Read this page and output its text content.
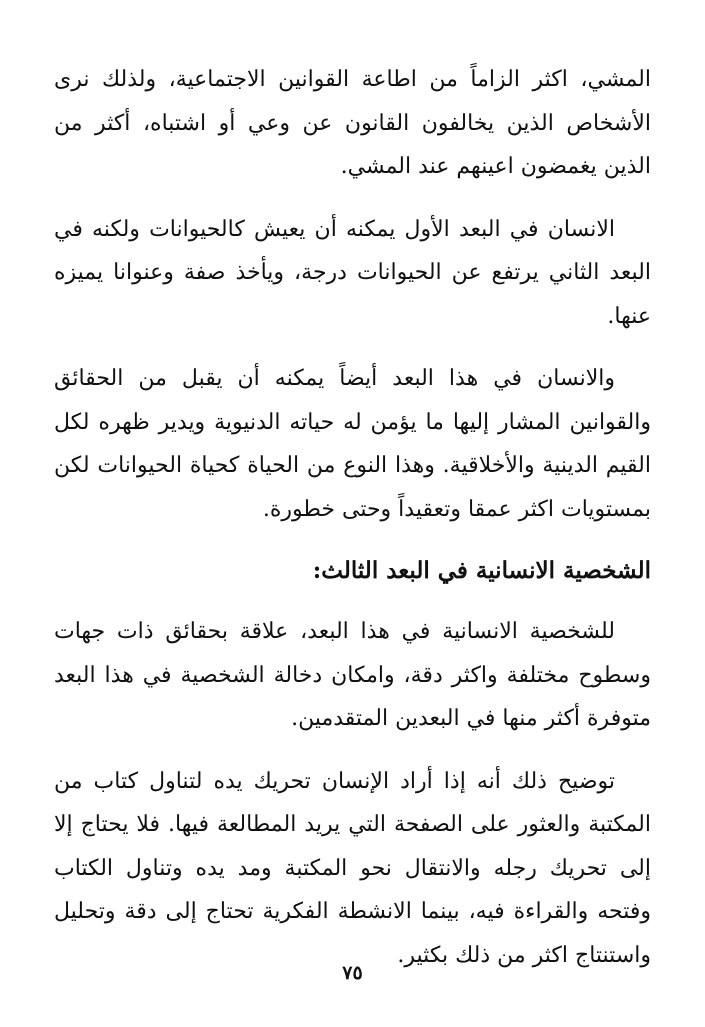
المشي، اكثر الزاماً من اطاعة القوانين الاجتماعية، ولذلك نرى الأشخاص الذين يخالفون القانون عن وعي أو اشتباه، أكثر من الذين يغمضون اعينهم عند المشي.

الانسان في البعد الأول يمكنه أن يعيش كالحيوانات ولكنه في البعد الثاني يرتفع عن الحيوانات درجة، ويأخذ صفة وعنوانا يميزه عنها.

والانسان في هذا البعد أيضاً يمكنه أن يقبل من الحقائق والقوانين المشار إليها ما يؤمن له حياته الدنيوية ويدير ظهره لكل القيم الدينية والأخلاقية. وهذا النوع من الحياة كحياة الحيوانات لكن بمستويات اكثر عمقا وتعقيداً وحتى خطورة.

الشخصية الانسانية في البعد الثالث:

للشخصية الانسانية في هذا البعد، علاقة بحقائق ذات جهات وسطوح مختلفة واكثر دقة، وامكان دخالة الشخصية في هذا البعد متوفرة أكثر منها في البعدين المتقدمين.

توضيح ذلك أنه إذا أراد الإنسان تحريك يده لتناول كتاب من المكتبة والعثور على الصفحة التي يريد المطالعة فيها. فلا يحتاج إلا إلى تحريك رجله والانتقال نحو المكتبة ومد يده وتناول الكتاب وفتحه والقراءة فيه، بينما الانشطة الفكرية تحتاج إلى دقة وتحليل واستنتاج اكثر من ذلك بكثير.

٧٥
